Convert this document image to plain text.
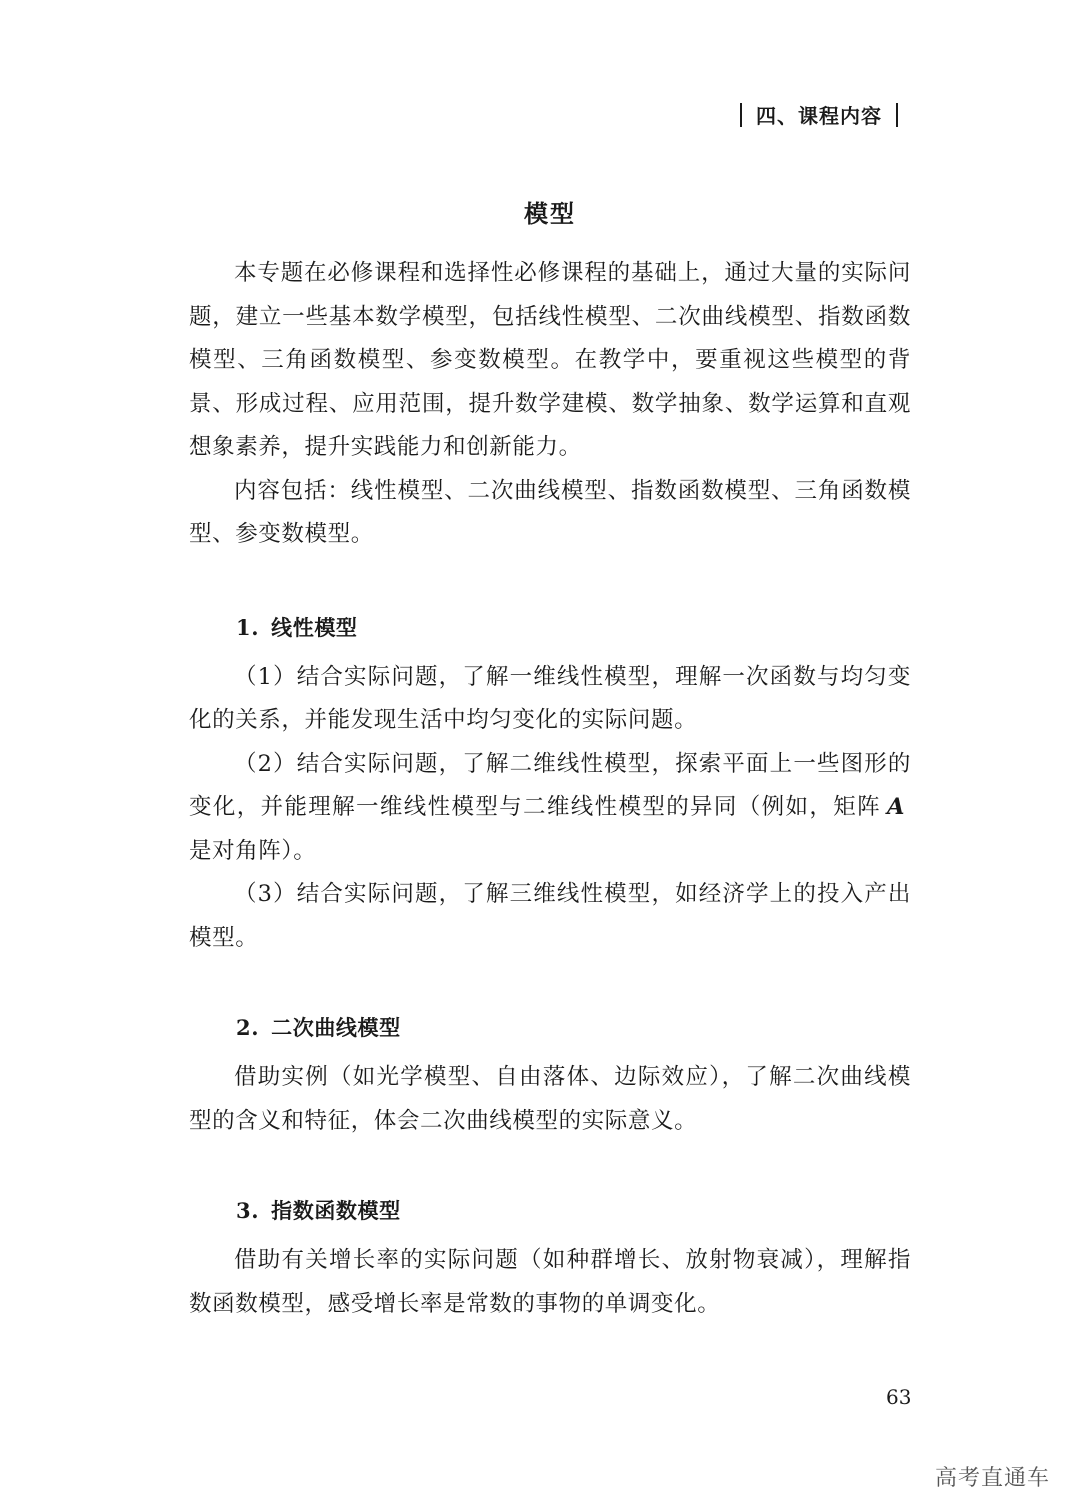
四、课程内容
模型

本专题在必修课程和选择性必修课程的基础上，通过大量的实际问题，建立一些基本数学模型，包括线性模型、二次曲线模型、指数函数模型、三角函数模型、参变数模型。在教学中，要重视这些模型的背景、形成过程、应用范围，提升数学建模、数学抽象、数学运算和直观想象素养，提升实践能力和创新能力。

内容包括：线性模型、二次曲线模型、指数函数模型、三角函数模型、参变数模型。

1. 线性模型

（1）结合实际问题，了解一维线性模型，理解一次函数与均匀变化的关系，并能发现生活中均匀变化的实际问题。

（2）结合实际问题，了解二维线性模型，探索平面上一些图形的变化，并能理解一维线性模型与二维线性模型的异同（例如，矩阵 A是对角阵）。

（3）结合实际问题，了解三维线性模型，如经济学上的投入产出模型。

2. 二次曲线模型

借助实例（如光学模型、自由落体、边际效应），了解二次曲线模型的含义和特征，体会二次曲线模型的实际意义。

3. 指数函数模型

借助有关增长率的实际问题（如种群增长、放射物衰减），理解指数函数模型，感受增长率是常数的事物的单调变化。

63
高考直通车
